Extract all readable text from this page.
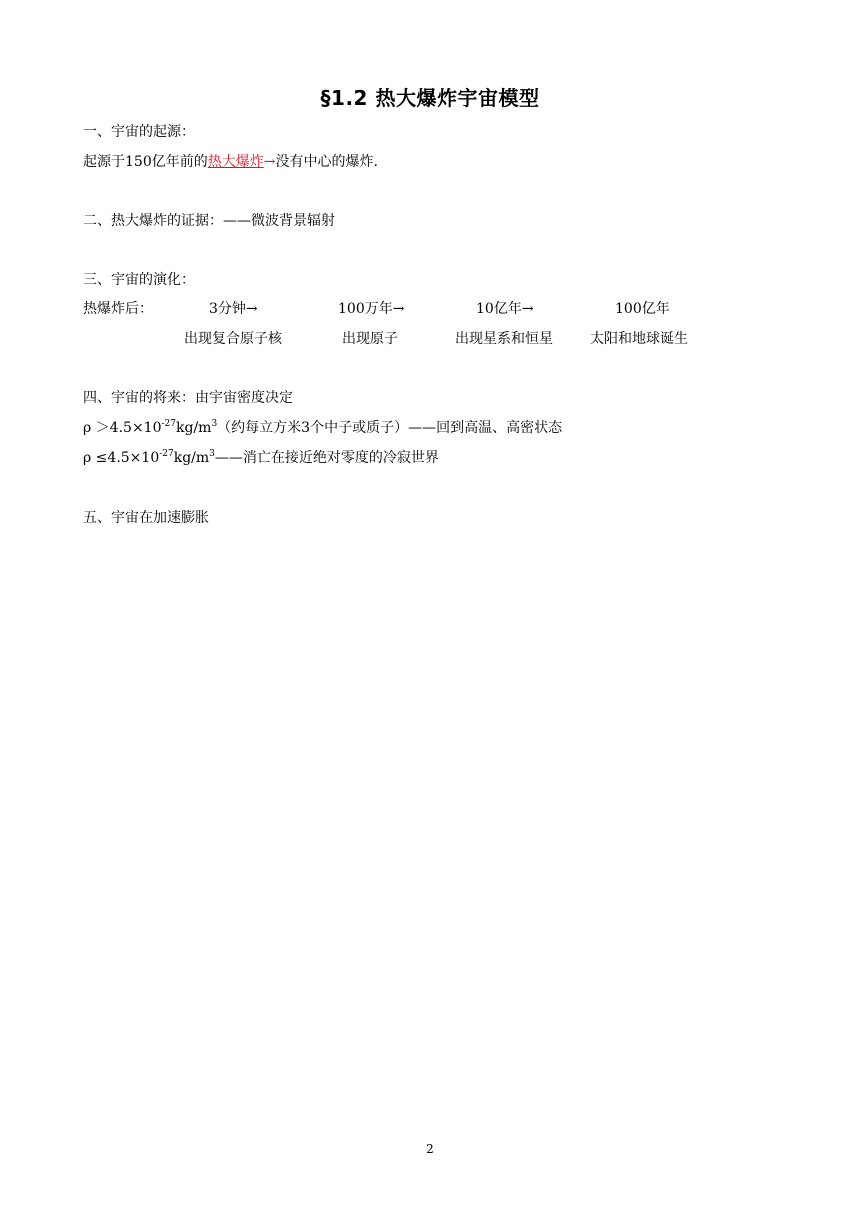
§1.2 热大爆炸宇宙模型
一、宇宙的起源：
起源于150亿年前的热大爆炸→没有中心的爆炸.
二、热大爆炸的证据：——微波背景辐射
三、宇宙的演化：
热爆炸后：	3分钟→	100万年→	10亿年→	100亿年
出现复合原子核	出现原子	出现星系和恒星	太阳和地球诞生
四、宇宙的将来：由宇宙密度决定
$\rho >4.5\times 10^{-27}kg/m^3$（约每立方米3个中子或质子）——回到高温、高密状态
$\rho \le 4.5\times 10^{-27}kg/m^3——$消亡在接近绝对零度的冷寂世界
五、宇宙在加速膨胀
2
